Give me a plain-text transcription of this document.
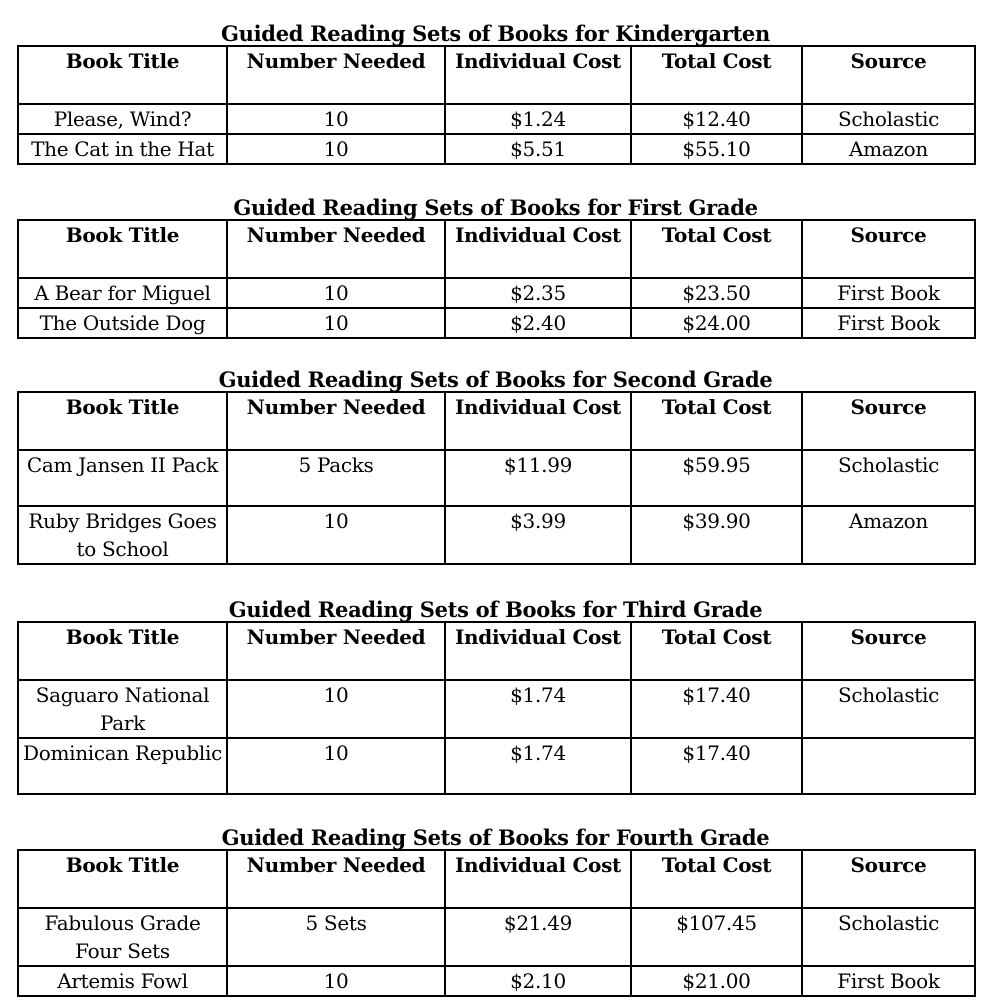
Guided Reading Sets of Books for Kindergarten
Book Title	Number Needed	Individual Cost	Total Cost	Source
Please, Wind?	10	$1.24	$12.40	Scholastic
The Cat in the Hat	10	$5.51	$55.10	Amazon
Guided Reading Sets of Books for First Grade
Book Title	Number Needed	Individual Cost	Total Cost	Source
A Bear for Miguel	10	$2.35	$23.50	First Book
The Outside Dog	10	$2.40	$24.00	First Book
Guided Reading Sets of Books for Second Grade
Book Title	Number Needed	Individual Cost	Total Cost	Source
Cam Jansen II Pack	5 Packs	$11.99	$59.95	Scholastic
Ruby Bridges Goes to School	10	$3.99	$39.90	Amazon
Guided Reading Sets of Books for Third Grade
Book Title	Number Needed	Individual Cost	Total Cost	Source
Saguaro National Park	10	$1.74	$17.40	Scholastic
Dominican Republic	10	$1.74	$17.40	
Guided Reading Sets of Books for Fourth Grade
Book Title	Number Needed	Individual Cost	Total Cost	Source
Fabulous Grade Four Sets	5 Sets	$21.49	$107.45	Scholastic
Artemis Fowl	10	$2.10	$21.00	First Book
